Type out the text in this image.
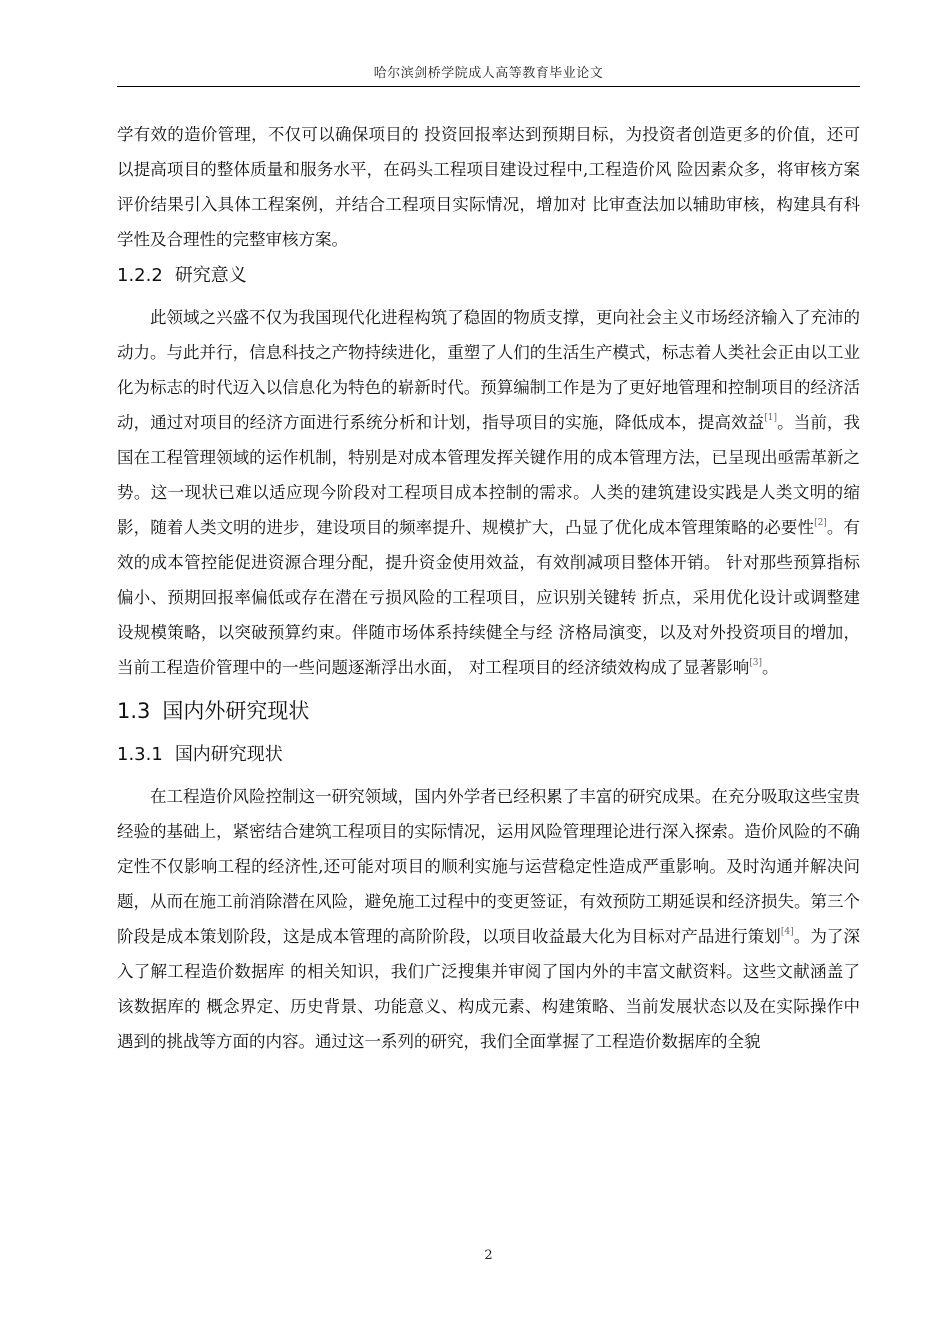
哈尔滨剑桥学院成人高等教育毕业论文

学有效的造价管理，不仅可以确保项目的 投资回报率达到预期目标，为投资者创造更多的价值，还可以提高项目的整体质量和服务水平，在码头工程项目建设过程中,工程造价风 险因素众多，将审核方案评价结果引入具体工程案例，并结合工程项目实际情况，增加对 比审查法加以辅助审核，构建具有科学性及合理性的完整审核方案。

1.2.2 研究意义

此领域之兴盛不仅为我国现代化进程构筑了稳固的物质支撑，更向社会主义市场经济输入了充沛的动力。与此并行，信息科技之产物持续进化，重塑了人们的生活生产模式，标志着人类社会正由以工业化为标志的时代迈入以信息化为特色的崭新时代。预算编制工作是为了更好地管理和控制项目的经济活动，通过对项目的经济方面进行系统分析和计划，指导项目的实施，降低成本，提高效益[1]。当前，我国在工程管理领域的运作机制，特别是对成本管理发挥关键作用的成本管理方法，已呈现出亟需革新之势。这一现状已难以适应现今阶段对工程项目成本控制的需求。人类的建筑建设实践是人类文明的缩影，随着人类文明的进步，建设项目的频率提升、规模扩大，凸显了优化成本管理策略的必要性[2]。有效的成本管控能促进资源合理分配，提升资金使用效益，有效削减项目整体开销。 针对那些预算指标偏小、预期回报率偏低或存在潜在亏损风险的工程项目，应识别关键转 折点，采用优化设计或调整建设规模策略，以突破预算约束。伴随市场体系持续健全与经 济格局演变，以及对外投资项目的增加，当前工程造价管理中的一些问题逐渐浮出水面， 对工程项目的经济绩效构成了显著影响[3]。

1.3 国内外研究现状
1.3.1 国内研究现状

在工程造价风险控制这一研究领域，国内外学者已经积累了丰富的研究成果。在充分吸取这些宝贵经验的基础上，紧密结合建筑工程项目的实际情况，运用风险管理理论进行深入探索。造价风险的不确定性不仅影响工程的经济性,还可能对项目的顺利实施与运营稳定性造成严重影响。及时沟通并解决问题，从而在施工前消除潜在风险，避免施工过程中的变更签证，有效预防工期延误和经济损失。第三个阶段是成本策划阶段，这是成本管理的高阶阶段，以项目收益最大化为目标对产品进行策划[4]。为了深入了解工程造价数据库 的相关知识，我们广泛搜集并审阅了国内外的丰富文献资料。这些文献涵盖了该数据库的 概念界定、历史背景、功能意义、构成元素、构建策略、当前发展状态以及在实际操作中 遇到的挑战等方面的内容。通过这一系列的研究，我们全面掌握了工程造价数据库的全貌

2
